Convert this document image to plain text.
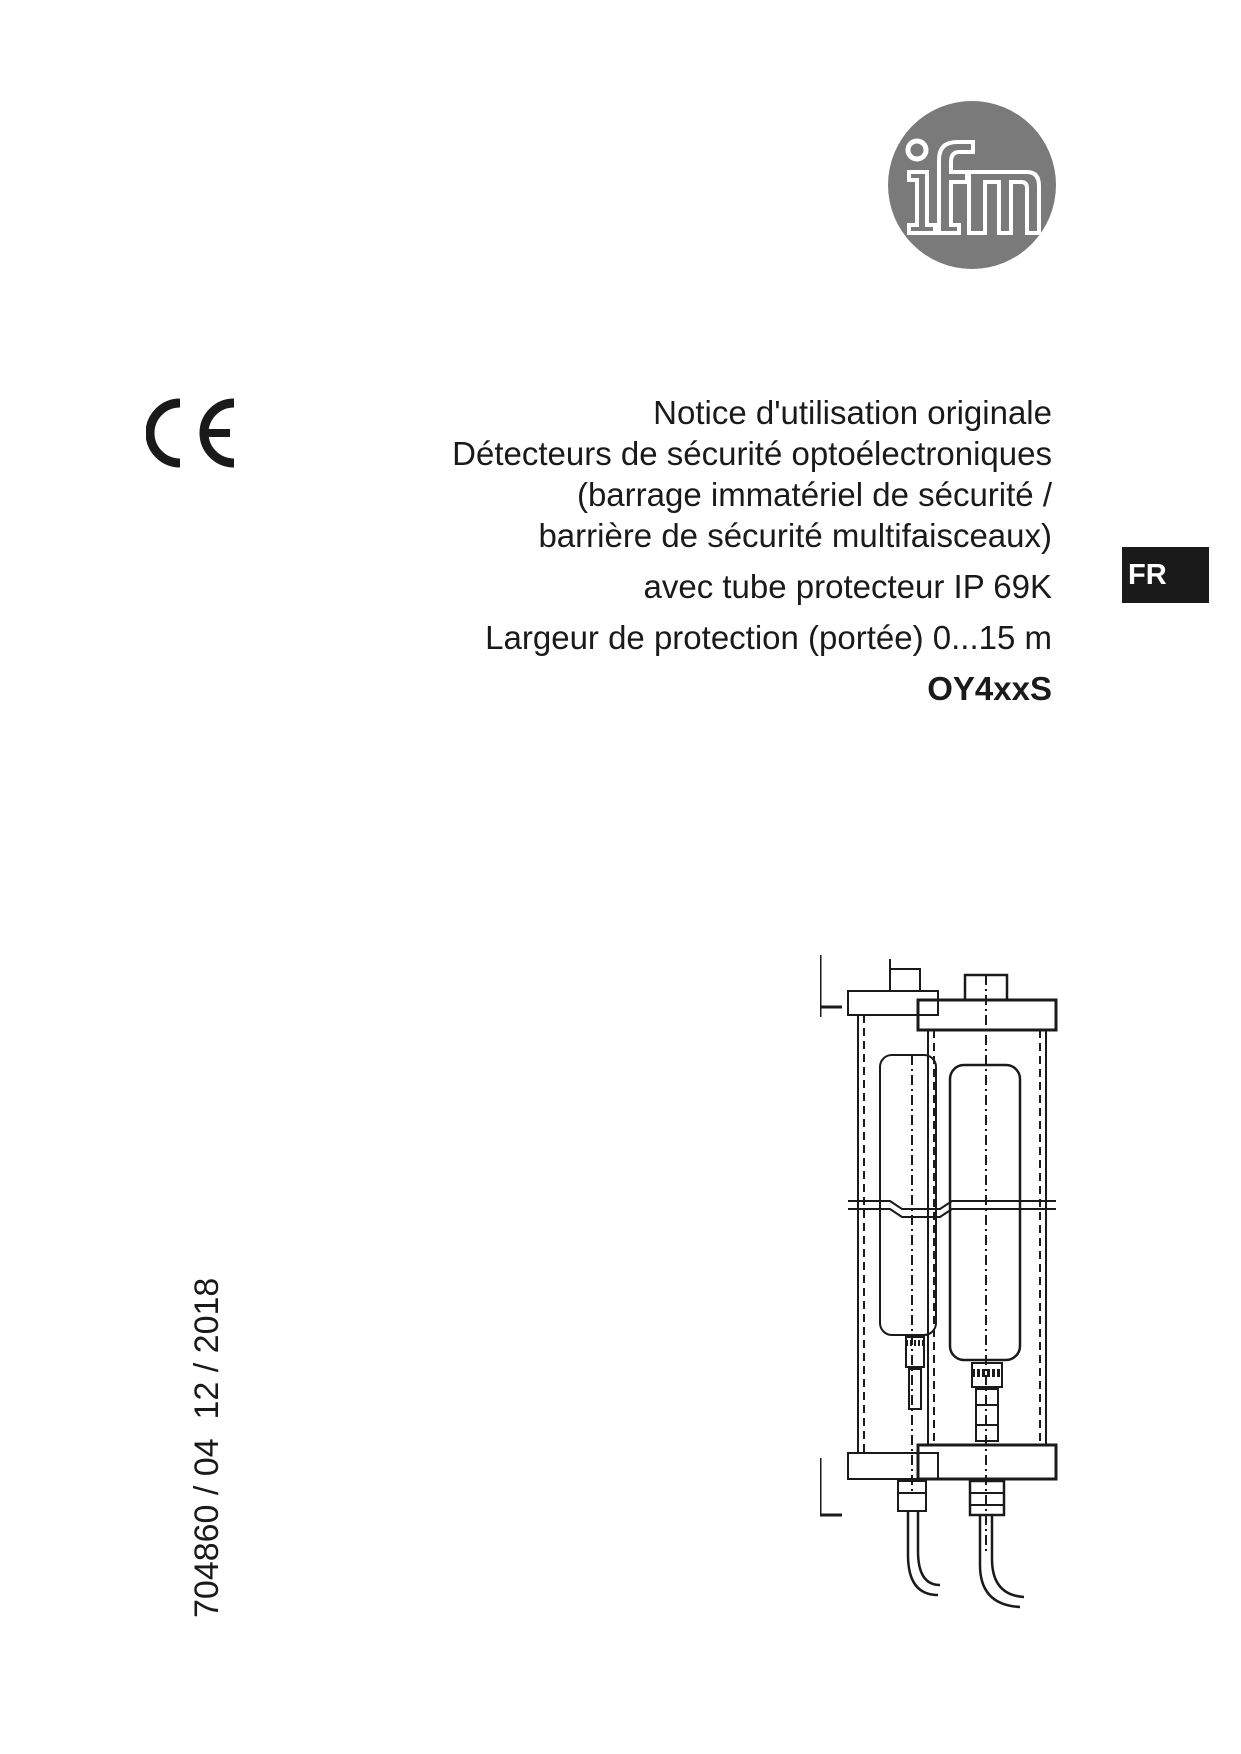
Notice d'utilisation originale
Détecteurs de sécurité optoélectroniques
(barrage immatériel de sécurité /
barrière de sécurité multifaisceaux)
avec tube protecteur IP 69K
Largeur de protection (portée) 0...15 m
OY4xxS
FR
704860 / 04  12 / 2018
